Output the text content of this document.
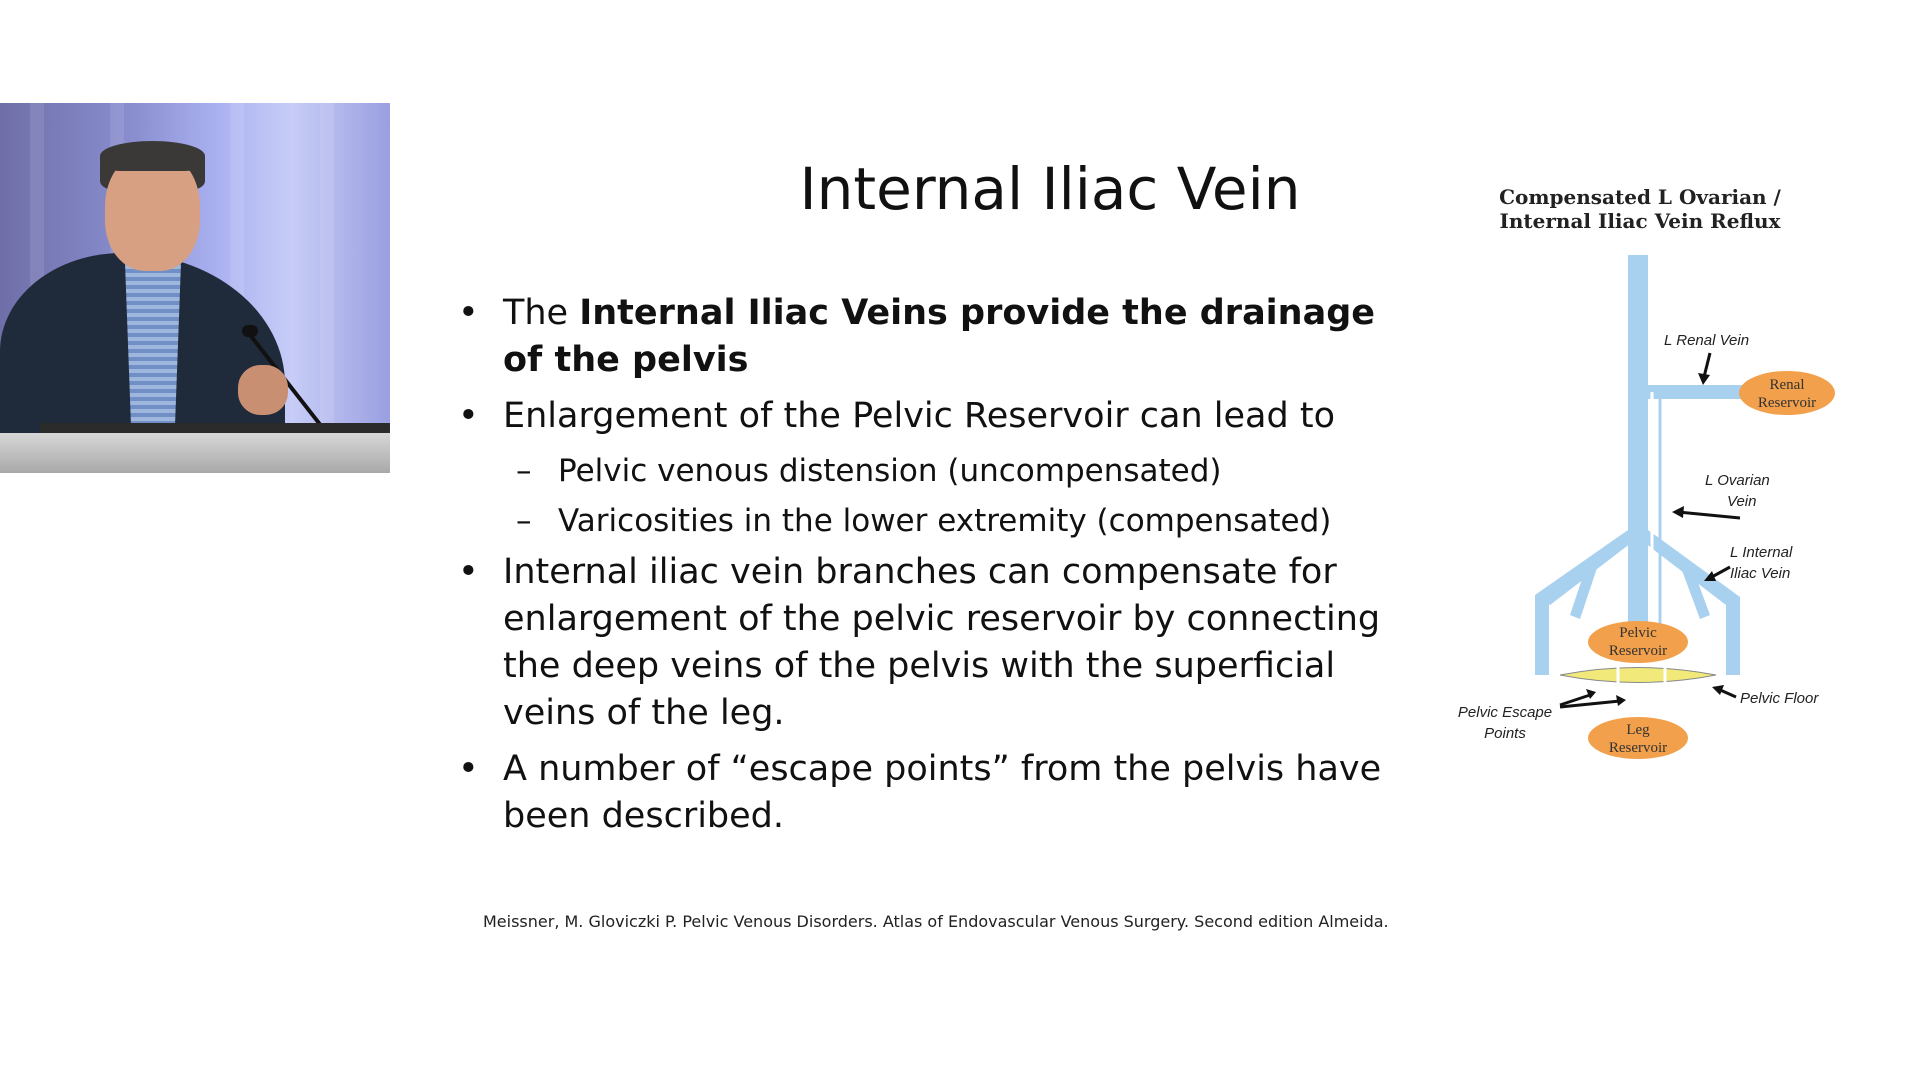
Internal Iliac Vein
• The Internal Iliac Veins provide the drainage of the pelvis
• Enlargement of the Pelvic Reservoir can lead to
– Pelvic venous distension (uncompensated)
– Varicosities in the lower extremity (compensated)
• Internal iliac vein branches can compensate for enlargement of the pelvic reservoir by connecting the deep veins of the pelvis with the superficial veins of the leg.
• A number of “escape points” from the pelvis have been described.
Meissner, M. Gloviczki P. Pelvic Venous Disorders. Atlas of Endovascular Venous Surgery. Second edition Almeida.
Compensated L Ovarian /
Internal Iliac Vein Reflux
Renal
Reservoir
Pelvic
Reservoir
Leg
Reservoir
L Renal Vein
L Ovarian
Vein
L Internal
Iliac Vein
Pelvic Floor
Pelvic Escape
Points
